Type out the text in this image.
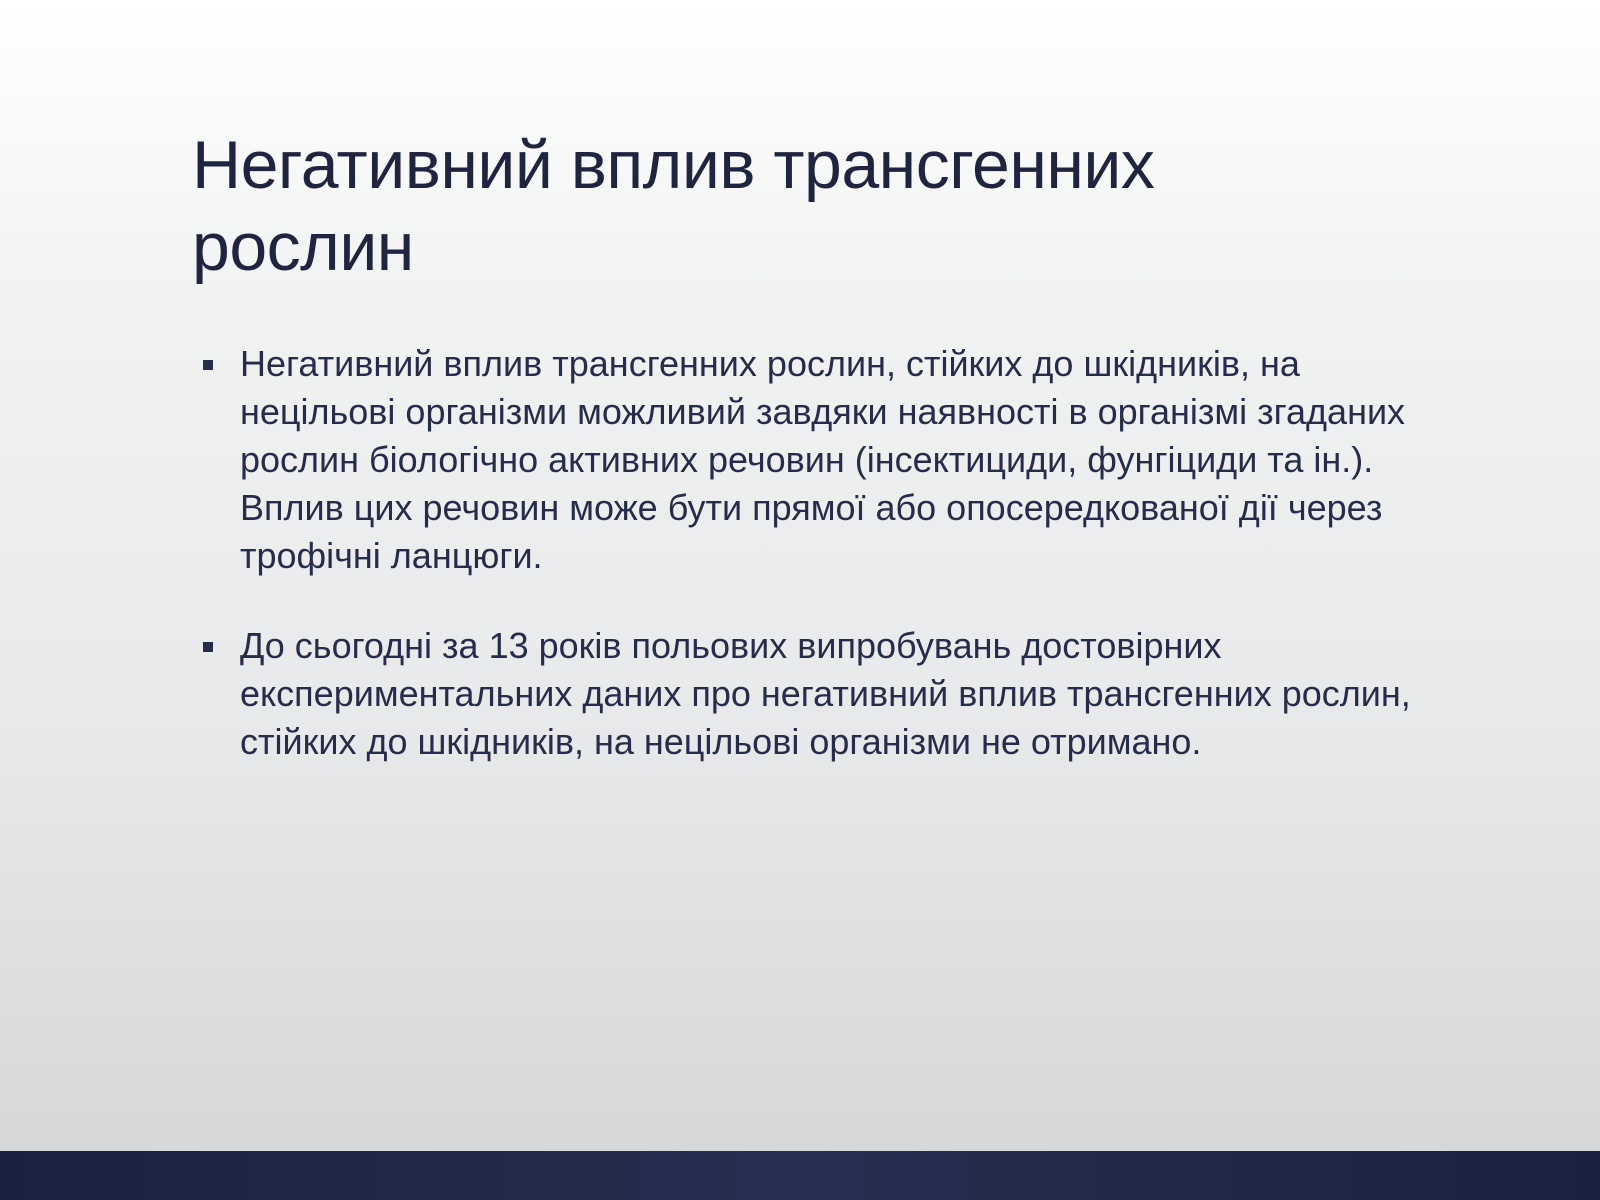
Негативний вплив трансгенних рослин
Негативний вплив трансгенних рослин, стійких до шкідників, на нецільові організми можливий завдяки наявності в організмі згаданих рослин біологічно активних речовин (інсектициди, фунгіциди та ін.). Вплив цих речовин може бути прямої або опосередкованої дії через трофічні ланцюги.
До сьогодні за 13 років польових випробувань достовірних експериментальних даних про негативний вплив трансгенних рослин, стійких до шкідників, на нецільові організми не отримано.
